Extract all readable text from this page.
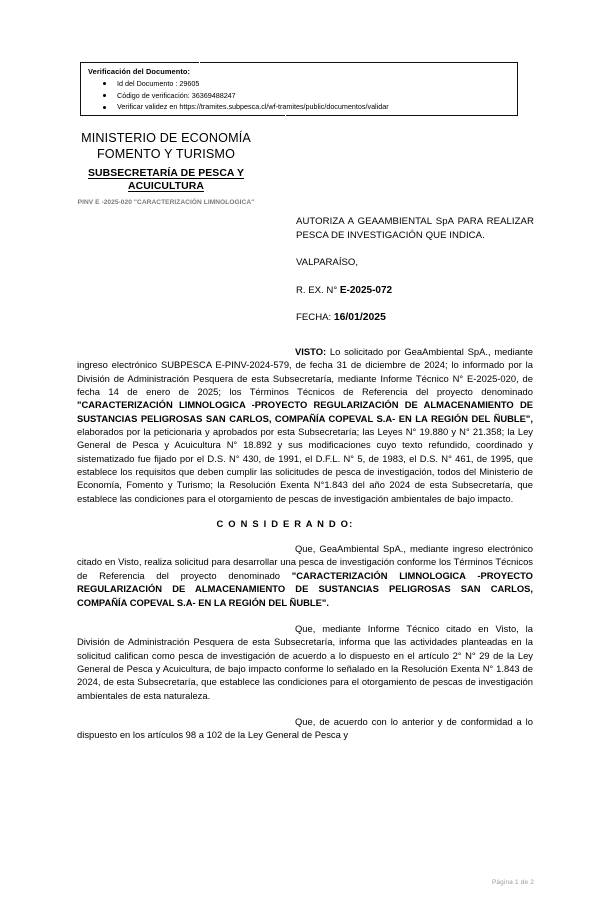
Verificación del Documento:
Id del Documento : 29605
Código de verificación: 36369488247
Verificar validez en https://tramites.subpesca.cl/wf-tramites/public/documentos/validar
MINISTERIO DE ECONOMÍA
FOMENTO Y TURISMO
SUBSECRETARÍA DE PESCA Y
ACUICULTURA
PINV E -2025-020 "CARACTERIZACIÓN LIMNOLOGICA"
AUTORIZA A GEAAMBIENTAL SpA PARA REALIZAR PESCA DE INVESTIGACIÓN QUE INDICA.
VALPARAÍSO,
R. EX. N° E-2025-072
FECHA: 16/01/2025

VISTO: Lo solicitado por GeaAmbiental SpA., mediante ingreso electrónico SUBPESCA E-PINV-2024-579, de fecha 31 de diciembre de 2024; lo informado por la División de Administración Pesquera de esta Subsecretaría, mediante Informe Técnico N° E-2025-020, de fecha 14 de enero de 2025; los Términos Técnicos de Referencia del proyecto denominado "CARACTERIZACIÓN LIMNOLOGICA -PROYECTO REGULARIZACIÓN DE ALMACENAMIENTO DE SUSTANCIAS PELIGROSAS SAN CARLOS, COMPAÑÍA COPEVAL S.A- EN LA REGIÓN DEL ÑUBLE", elaborados por la peticionaria y aprobados por esta Subsecretaría; las Leyes N° 19.880 y N° 21.358; la Ley General de Pesca y Acuicultura N° 18.892 y sus modificaciones cuyo texto refundido, coordinado y sistematizado fue fijado por el D.S. N° 430, de 1991, el D.F.L. N° 5, de 1983, el D.S. N° 461, de 1995, que establece los requisitos que deben cumplir las solicitudes de pesca de investigación, todos del Ministerio de Economía, Fomento y Turismo; la Resolución Exenta N°1.843 del año 2024 de esta Subsecretaría, que establece las condiciones para el otorgamiento de pescas de investigación ambientales de bajo impacto.

C O N S I D E R A N D O:

Que, GeaAmbiental SpA., mediante ingreso electrónico citado en Visto, realiza solicitud para desarrollar una pesca de investigación conforme los Términos Técnicos de Referencia del proyecto denominado "CARACTERIZACIÓN LIMNOLOGICA -PROYECTO REGULARIZACIÓN DE ALMACENAMIENTO DE SUSTANCIAS PELIGROSAS SAN CARLOS, COMPAÑÍA COPEVAL S.A- EN LA REGIÓN DEL ÑUBLE".

Que, mediante Informe Técnico citado en Visto, la División de Administración Pesquera de esta Subsecretaría, informa que las actividades planteadas en la solicitud califican como pesca de investigación de acuerdo a lo dispuesto en el artículo 2° N° 29 de la Ley General de Pesca y Acuicultura, de bajo impacto conforme lo señalado en la Resolución Exenta N° 1.843 de 2024, de esta Subsecretaría, que establece las condiciones para el otorgamiento de pescas de investigación ambientales de esta naturaleza.

Que, de acuerdo con lo anterior y de conformidad a lo dispuesto en los artículos 98 a 102 de la Ley General de Pesca y

Página 1 de 2
